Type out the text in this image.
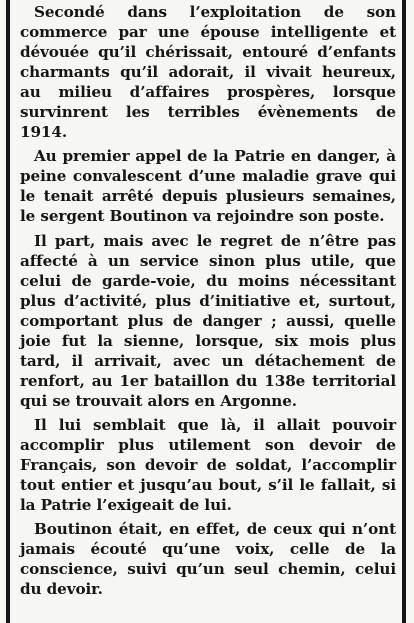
Secondé dans l’exploitation de son commerce par une épouse intelligente et dévouée qu’il chérissait, entouré d’enfants charmants qu’il adorait, il vivait heureux, au milieu d’affaires prospères, lorsque survinrent les terribles évènements de 1914.

Au premier appel de la Patrie en danger, à peine convalescent d’une maladie grave qui le tenait arrêté depuis plusieurs semaines, le sergent Boutinon va rejoindre son poste.

Il part, mais avec le regret de n’être pas affecté à un service sinon plus utile, que celui de garde-voie, du moins nécessitant plus d’activité, plus d’initiative et, surtout, comportant plus de danger ; aussi, quelle joie fut la sienne, lorsque, six mois plus tard, il arrivait, avec un détachement de renfort, au 1er bataillon du 138e territorial qui se trouvait alors en Argonne.

Il lui semblait que là, il allait pouvoir accomplir plus utilement son devoir de Français, son devoir de soldat, l’accomplir tout entier et jusqu’au bout, s’il le fallait, si la Patrie l’exigeait de lui.

Boutinon était, en effet, de ceux qui n’ont jamais écouté qu’une voix, celle de la conscience, suivi qu’un seul chemin, celui du devoir.
